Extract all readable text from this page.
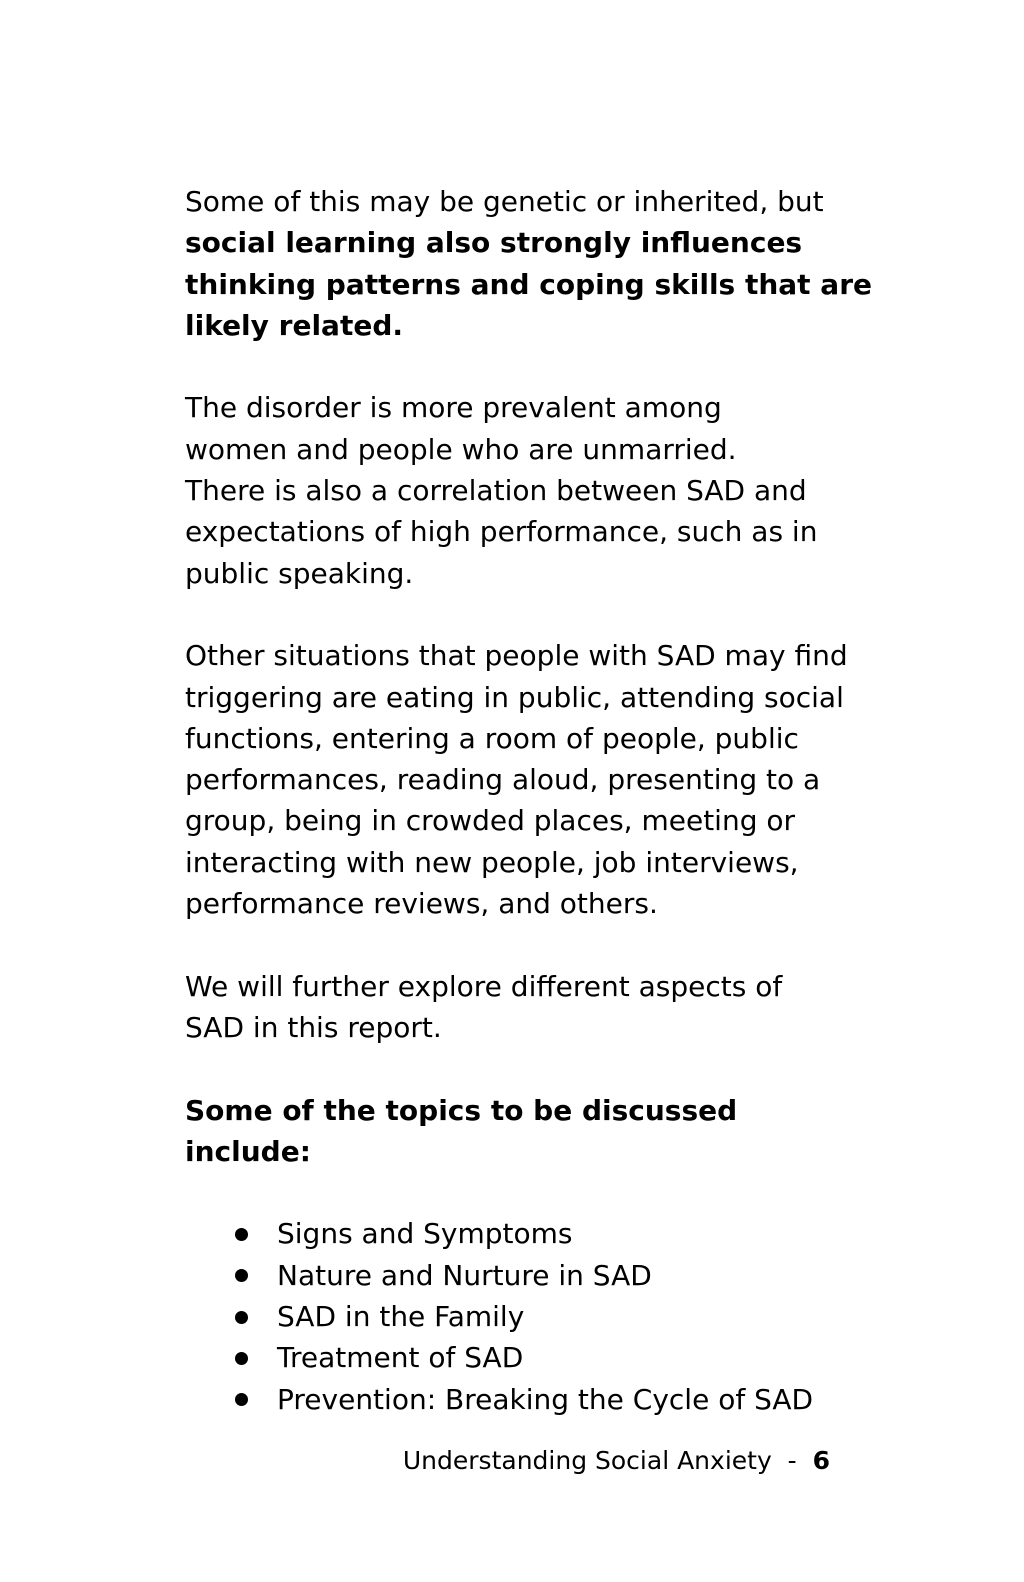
Some of this may be genetic or inherited, but
social learning also strongly influences
thinking patterns and coping skills that are
likely related.

The disorder is more prevalent among
women and people who are unmarried.
There is also a correlation between SAD and
expectations of high performance, such as in
public speaking.

Other situations that people with SAD may find
triggering are eating in public, attending social
functions, entering a room of people, public
performances, reading aloud, presenting to a
group, being in crowded places, meeting or
interacting with new people, job interviews,
performance reviews, and others.

We will further explore different aspects of
SAD in this report.

Some of the topics to be discussed include:

Signs and Symptoms
Nature and Nurture in SAD
SAD in the Family
Treatment of SAD
Prevention: Breaking the Cycle of SAD
Understanding Social Anxiety - 6
